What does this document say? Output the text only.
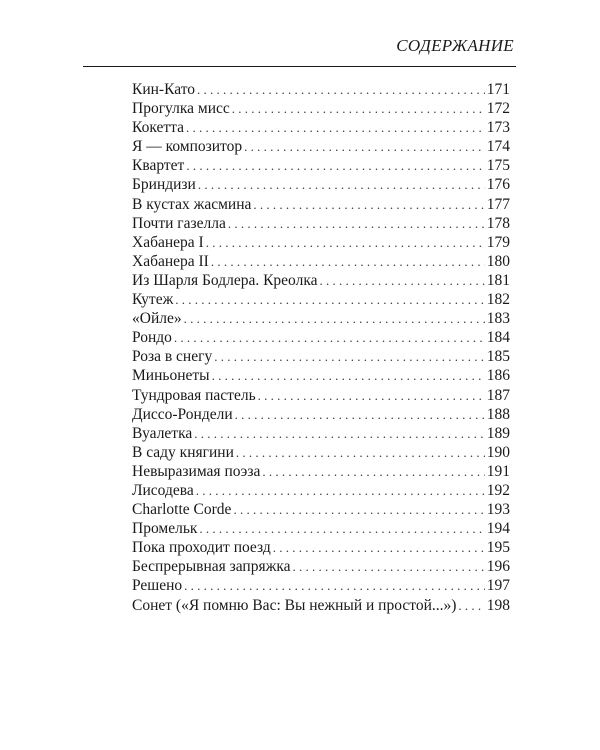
СОДЕРЖАНИЕ
Кин-Като . . .	171
Прогулка мисс . . .	172
Кокетта . . .	173
Я — композитор . . .	174
Квартет . . .	175
Бриндизи . . .	176
В кустах жасмина . . .	177
Почти газелла . . .	178
Хабанера I . . .	179
Хабанера II . . .	180
Из Шарля Бодлера. Креолка . . .	181
Кутеж . . .	182
«Ойле» . . .	183
Рондо . . .	184
Роза в снегу . . .	185
Миньонеты . . .	186
Тундровая пастель . . .	187
Диссо-Рондели . . .	188
Вуалетка . . .	189
В саду княгини . . .	190
Невыразимая поэза . . .	191
Лисодева . . .	192
Charlotte Corde . . .	193
Промельк . . .	194
Пока проходит поезд . . .	195
Беспрерывная запряжка . . .	196
Решено . . .	197
Сонет («Я помню Вас: Вы нежный и простой...») . . . 198
